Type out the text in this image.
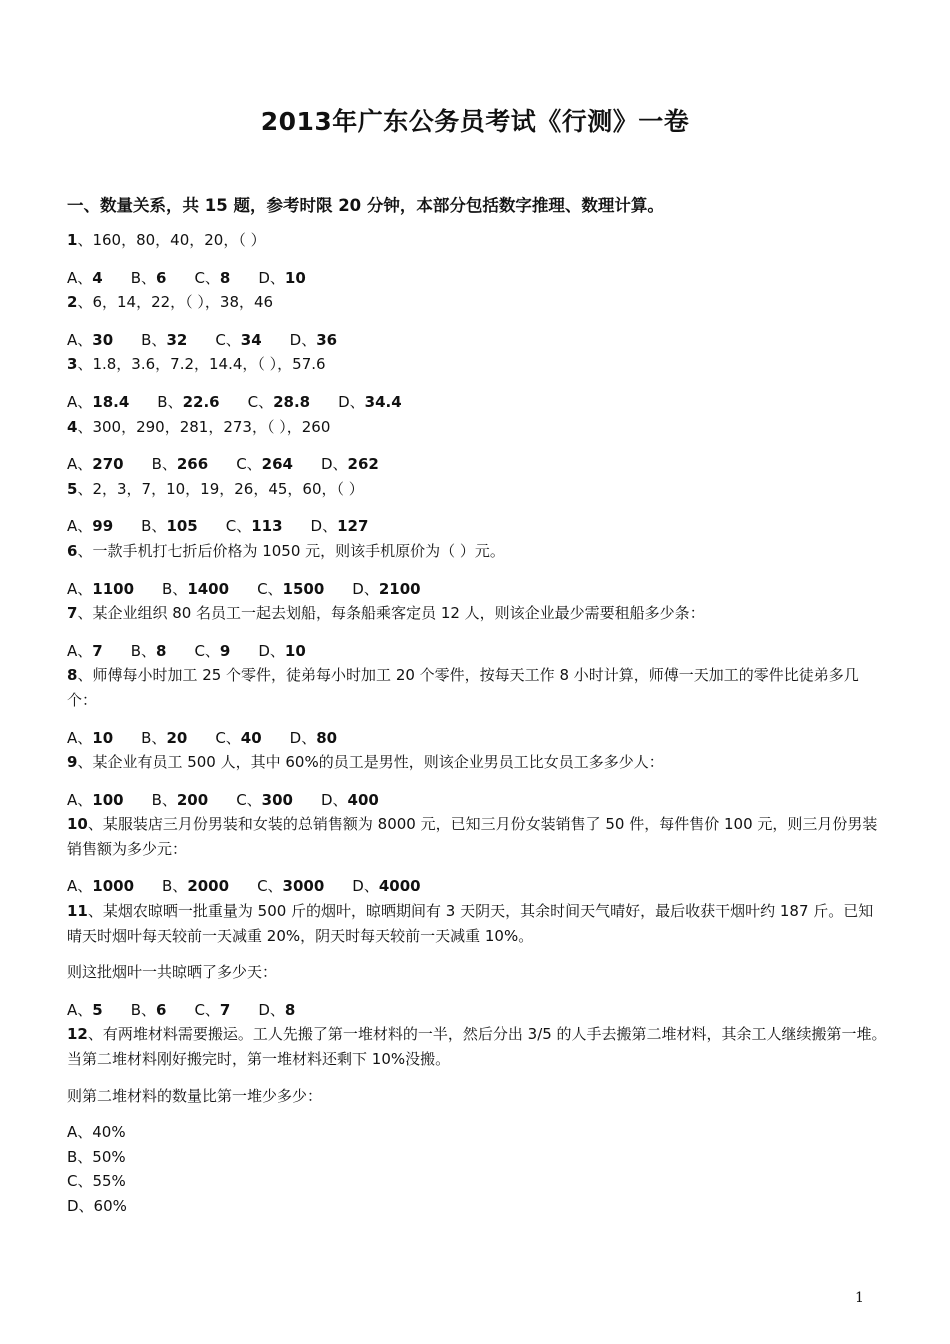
2013年广东公务员考试《行测》一卷
一、数量关系，共 15 题，参考时限 20 分钟，本部分包括数字推理、数理计算。
1、160，80，40，20，（ ）
A、4 B、6 C、8 D、10
2、6，14，22，（ ），38，46
A、30 B、32 C、34 D、36
3、1.8，3.6，7.2，14.4，（ ），57.6
A、18.4 B、22.6 C、28.8 D、34.4
4、300，290，281，273，（ ），260
A、270 B、266 C、264 D、262
5、2，3，7，10，19，26，45，60，（ ）
A、99 B、105 C、113 D、127
6、一款手机打七折后价格为 1050 元，则该手机原价为（ ）元。
A、1100 B、1400 C、1500 D、2100
7、某企业组织 80 名员工一起去划船，每条船乘客定员 12 人，则该企业最少需要租船多少条：
A、7 B、8 C、9 D、10
8、师傅每小时加工 25 个零件，徒弟每小时加工 20 个零件，按每天工作 8 小时计算，师傅一天加工的零件比徒弟多几个：
A、10 B、20 C、40 D、80
9、某企业有员工 500 人，其中 60%的员工是男性，则该企业男员工比女员工多多少人：
A、100 B、200 C、300 D、400
10、某服装店三月份男装和女装的总销售额为 8000 元，已知三月份女装销售了 50 件，每件售价 100 元，则三月份男装销售额为多少元：
A、1000 B、2000 C、3000 D、4000
11、某烟农晾晒一批重量为 500 斤的烟叶，晾晒期间有 3 天阴天，其余时间天气晴好，最后收获干烟叶约 187 斤。已知晴天时烟叶每天较前一天减重 20%，阴天时每天较前一天减重 10%。
则这批烟叶一共晾晒了多少天：
A、5 B、6 C、7 D、8
12、有两堆材料需要搬运。工人先搬了第一堆材料的一半，然后分出 3/5 的人手去搬第二堆材料，其余工人继续搬第一堆。当第二堆材料刚好搬完时，第一堆材料还剩下 10%没搬。
则第二堆材料的数量比第一堆少多少：
A、40%
B、50%
C、55%
D、60%
1
